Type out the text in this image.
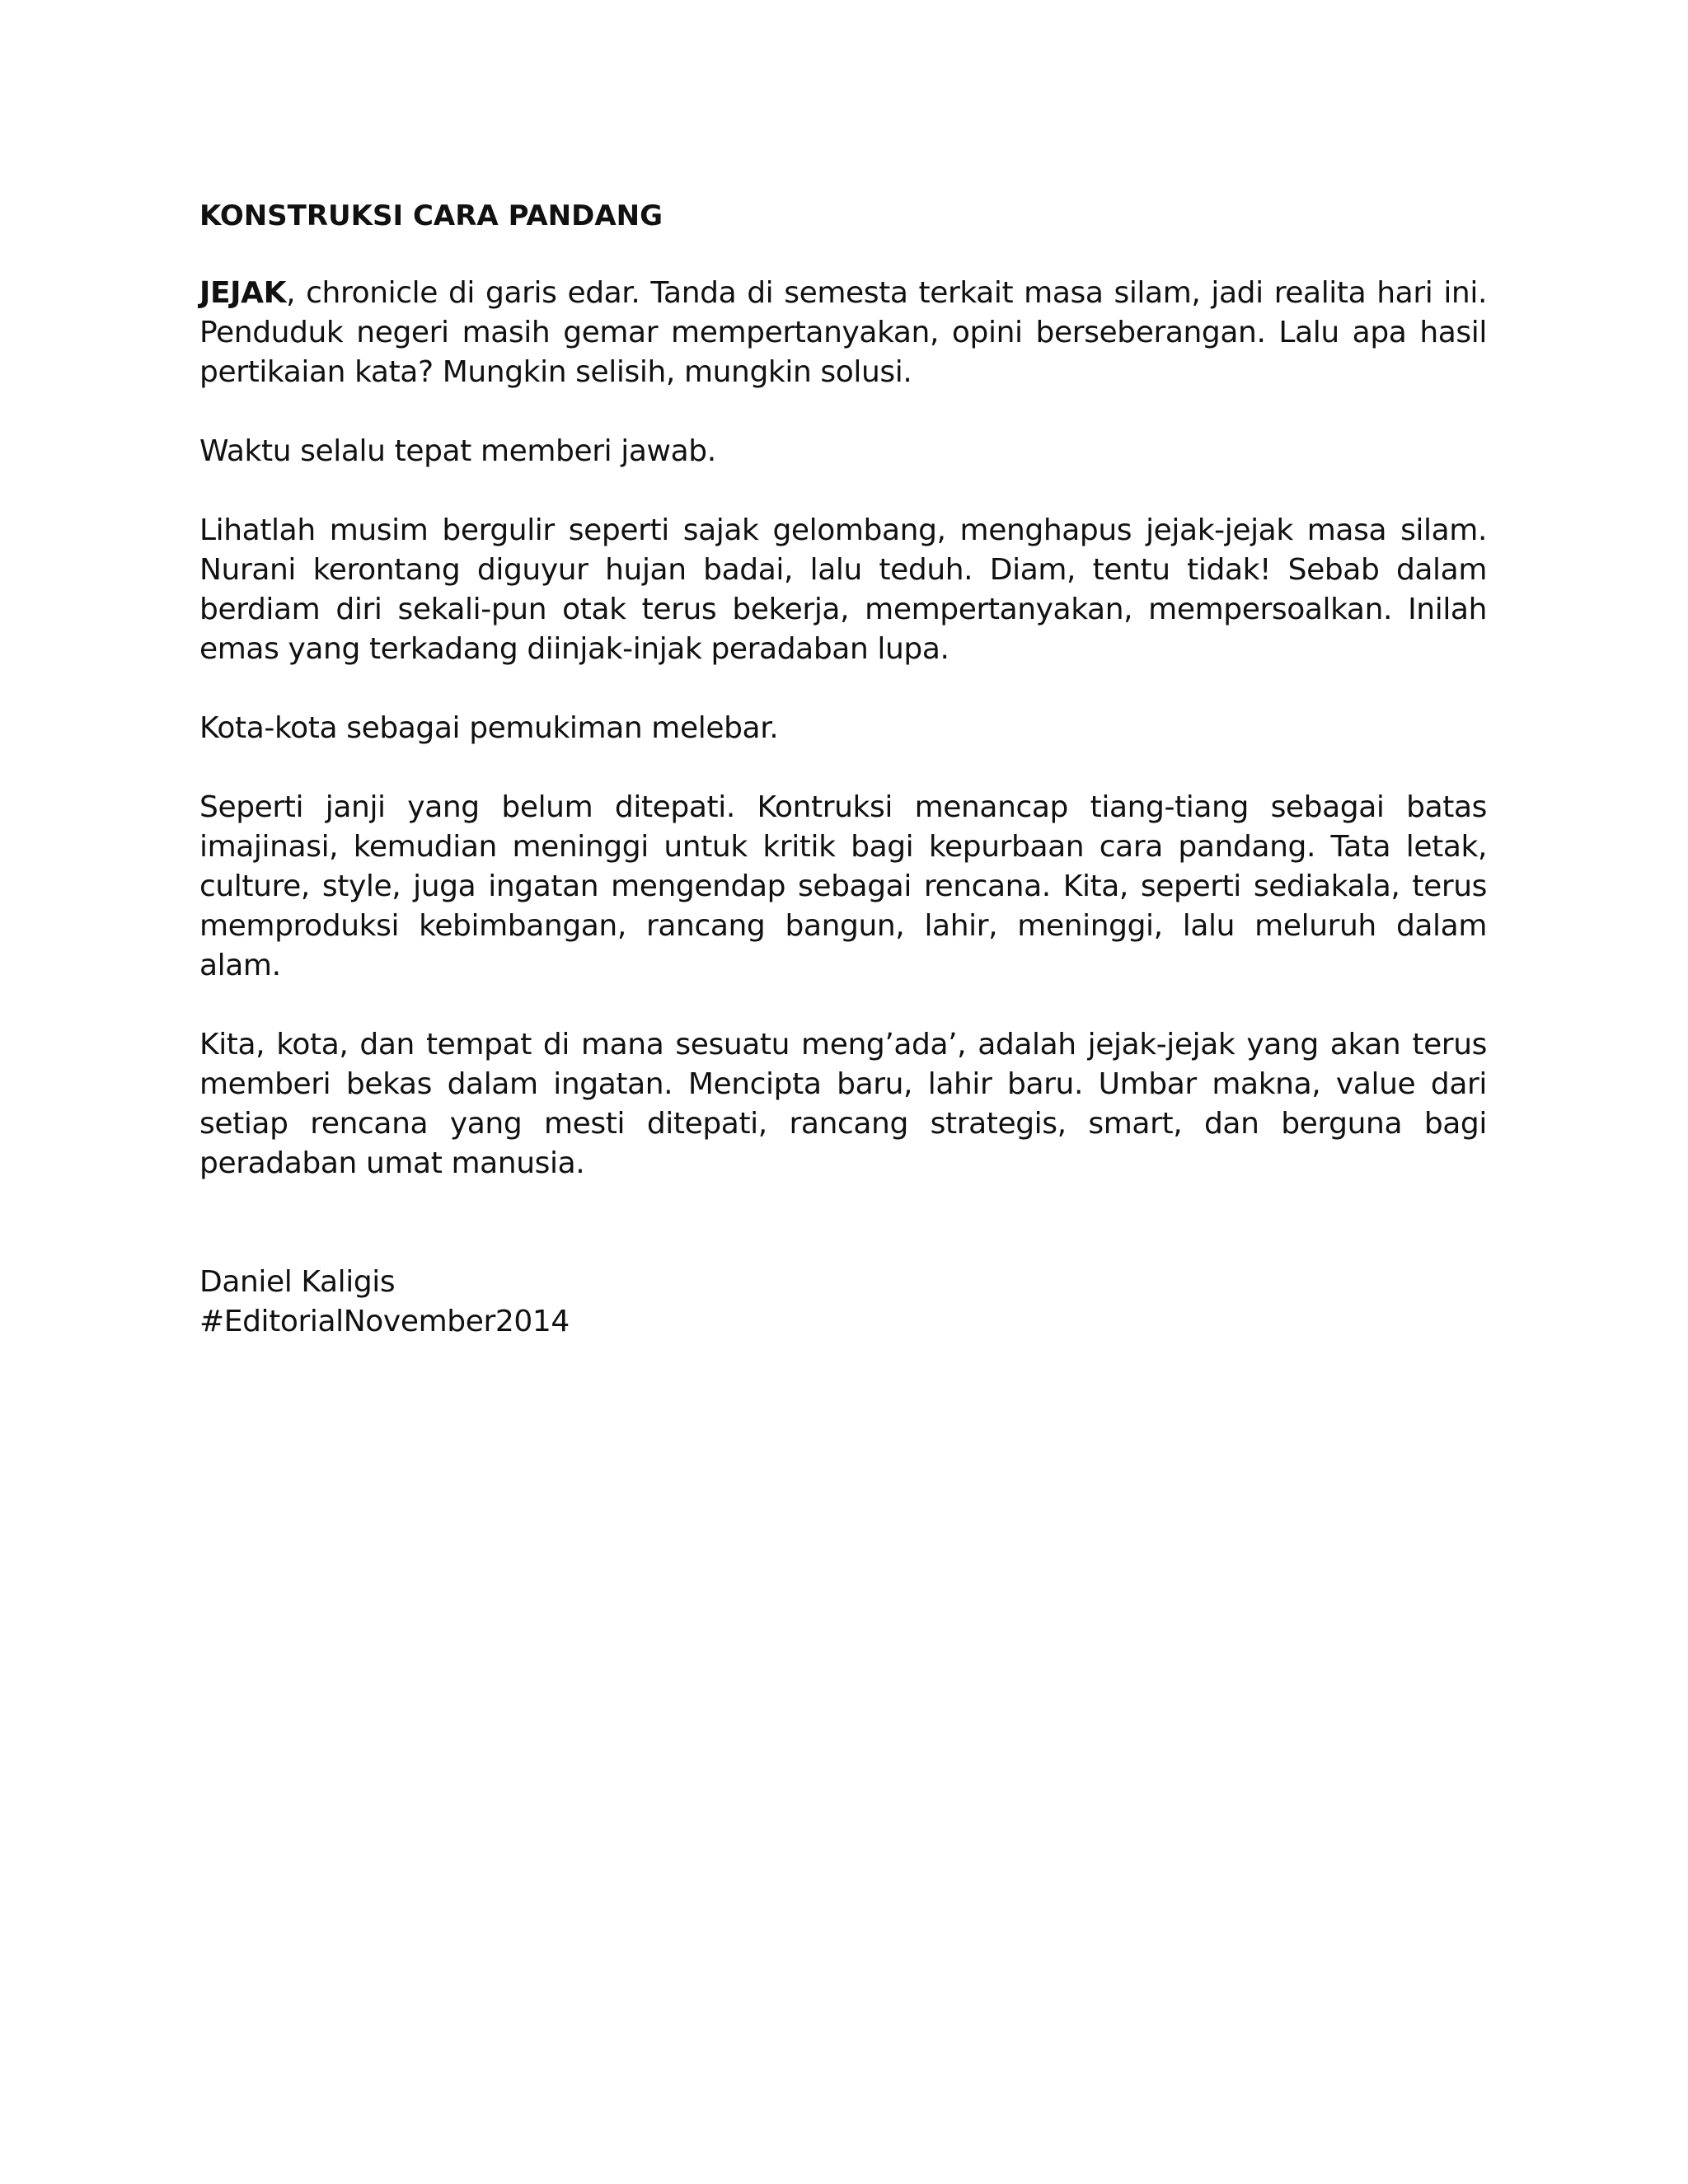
KONSTRUKSI CARA PANDANG

JEJAK, chronicle di garis edar. Tanda di semesta terkait masa silam, jadi realita hari ini. Penduduk negeri masih gemar mempertanyakan, opini berseberangan. Lalu apa hasil pertikaian kata? Mungkin selisih, mungkin solusi.

Waktu selalu tepat memberi jawab.

Lihatlah musim bergulir seperti sajak gelombang, menghapus jejak-jejak masa silam. Nurani kerontang diguyur hujan badai, lalu teduh. Diam, tentu tidak! Sebab dalam berdiam diri sekali-pun otak terus bekerja, mempertanyakan, mempersoalkan. Inilah emas yang terkadang diinjak-injak peradaban lupa.

Kota-kota sebagai pemukiman melebar.

Seperti janji yang belum ditepati. Kontruksi menancap tiang-tiang sebagai batas imajinasi, kemudian meninggi untuk kritik bagi kepurbaan cara pandang. Tata letak, culture, style, juga ingatan mengendap sebagai rencana. Kita, seperti sediakala, terus memproduksi kebimbangan, rancang bangun, lahir, meninggi, lalu meluruh dalam alam.

Kita, kota, dan tempat di mana sesuatu meng’ada’, adalah jejak-jejak yang akan terus memberi bekas dalam ingatan. Mencipta baru, lahir baru. Umbar makna, value dari setiap rencana yang mesti ditepati, rancang strategis, smart, dan berguna bagi peradaban umat manusia.

Daniel Kaligis
#EditorialNovember2014
